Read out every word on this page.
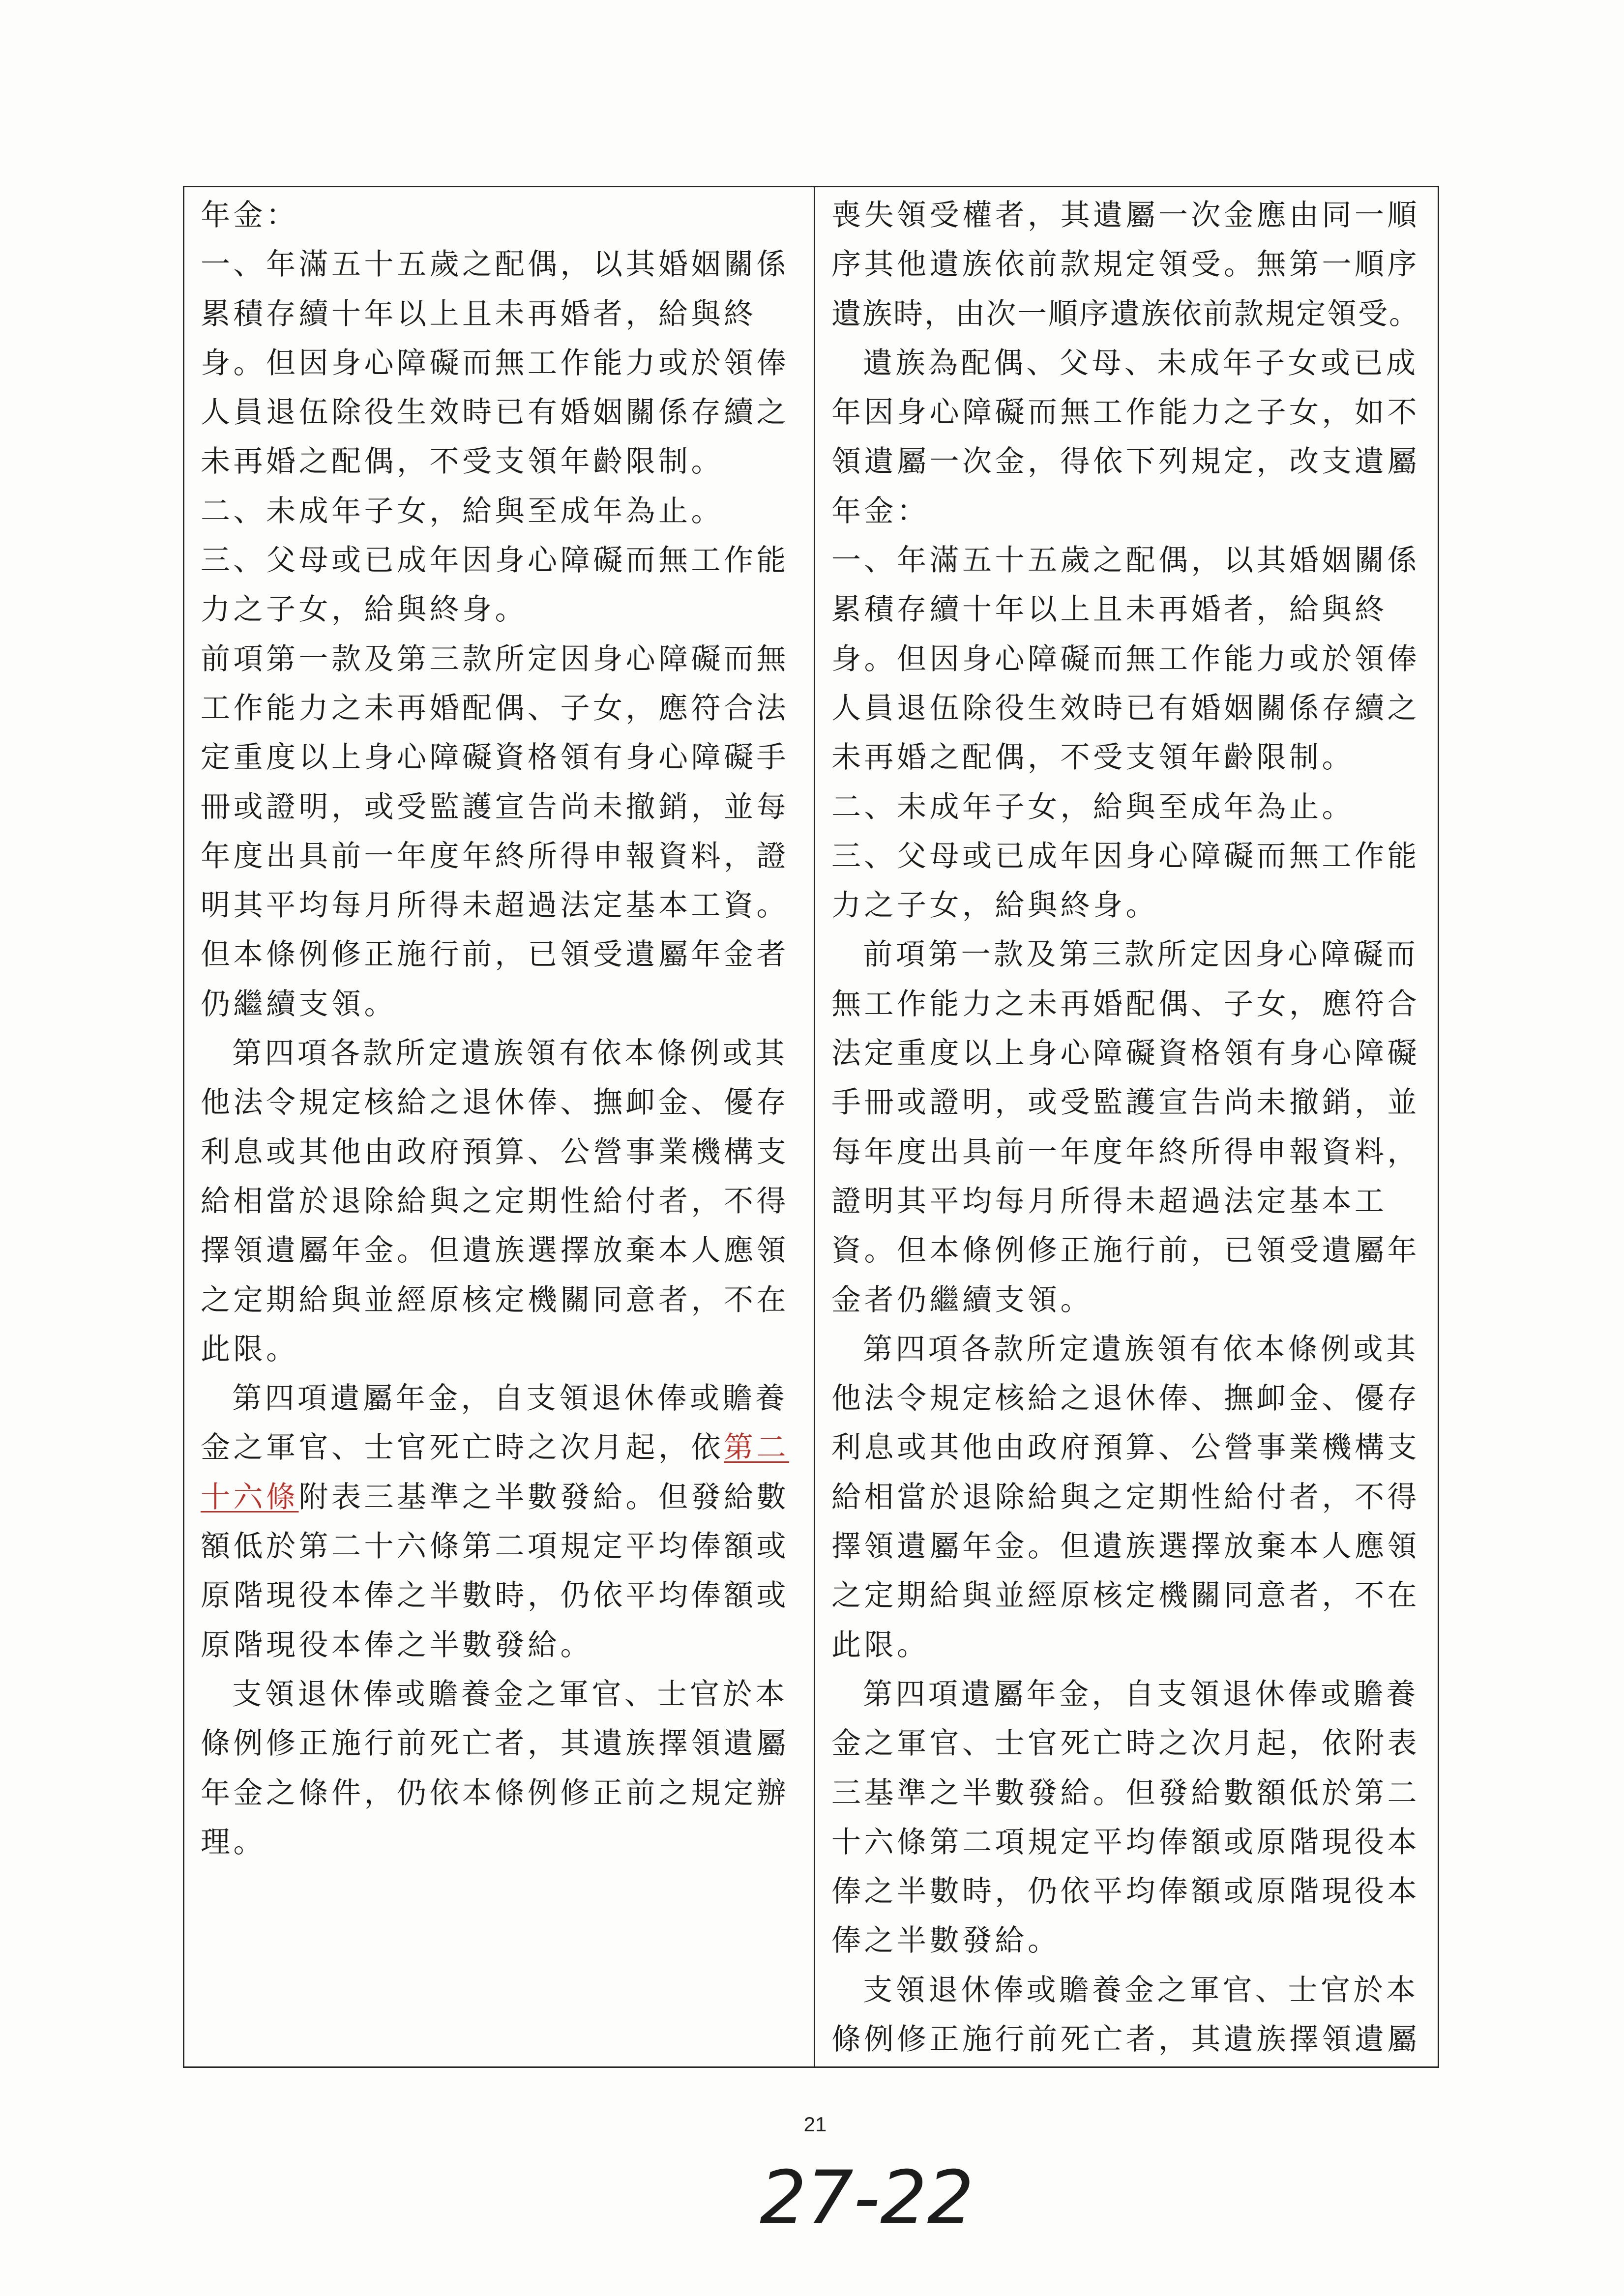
年金：
一、年滿五十五歲之配偶，以其婚姻關係
累積存續十年以上且未再婚者，給與終
身。但因身心障礙而無工作能力或於領俸
人員退伍除役生效時已有婚姻關係存續之
未再婚之配偶，不受支領年齡限制。
二、未成年子女，給與至成年為止。
三、父母或已成年因身心障礙而無工作能
力之子女，給與終身。
前項第一款及第三款所定因身心障礙而無
工作能力之未再婚配偶、子女，應符合法
定重度以上身心障礙資格領有身心障礙手
冊或證明，或受監護宣告尚未撤銷，並每
年度出具前一年度年終所得申報資料，證
明其平均每月所得未超過法定基本工資。
但本條例修正施行前，已領受遺屬年金者
仍繼續支領。
第四項各款所定遺族領有依本條例或其
他法令規定核給之退休俸、撫卹金、優存
利息或其他由政府預算、公營事業機構支
給相當於退除給與之定期性給付者，不得
擇領遺屬年金。但遺族選擇放棄本人應領
之定期給與並經原核定機關同意者，不在
此限。
第四項遺屬年金，自支領退休俸或贍養
金之軍官、士官死亡時之次月起，依第二
十六條附表三基準之半數發給。但發給數
額低於第二十六條第二項規定平均俸額或
原階現役本俸之半數時，仍依平均俸額或
原階現役本俸之半數發給。
支領退休俸或贍養金之軍官、士官於本
條例修正施行前死亡者，其遺族擇領遺屬
年金之條件，仍依本條例修正前之規定辦
理。
喪失領受權者，其遺屬一次金應由同一順
序其他遺族依前款規定領受。無第一順序
遺族時，由次一順序遺族依前款規定領受。
遺族為配偶、父母、未成年子女或已成
年因身心障礙而無工作能力之子女，如不
領遺屬一次金，得依下列規定，改支遺屬
年金：
一、年滿五十五歲之配偶，以其婚姻關係
累積存續十年以上且未再婚者，給與終
身。但因身心障礙而無工作能力或於領俸
人員退伍除役生效時已有婚姻關係存續之
未再婚之配偶，不受支領年齡限制。
二、未成年子女，給與至成年為止。
三、父母或已成年因身心障礙而無工作能
力之子女，給與終身。
前項第一款及第三款所定因身心障礙而
無工作能力之未再婚配偶、子女，應符合
法定重度以上身心障礙資格領有身心障礙
手冊或證明，或受監護宣告尚未撤銷，並
每年度出具前一年度年終所得申報資料，
證明其平均每月所得未超過法定基本工
資。但本條例修正施行前，已領受遺屬年
金者仍繼續支領。
第四項各款所定遺族領有依本條例或其
他法令規定核給之退休俸、撫卹金、優存
利息或其他由政府預算、公營事業機構支
給相當於退除給與之定期性給付者，不得
擇領遺屬年金。但遺族選擇放棄本人應領
之定期給與並經原核定機關同意者，不在
此限。
第四項遺屬年金，自支領退休俸或贍養
金之軍官、士官死亡時之次月起，依附表
三基準之半數發給。但發給數額低於第二
十六條第二項規定平均俸額或原階現役本
俸之半數時，仍依平均俸額或原階現役本
俸之半數發給。
支領退休俸或贍養金之軍官、士官於本
條例修正施行前死亡者，其遺族擇領遺屬
21
27-22
